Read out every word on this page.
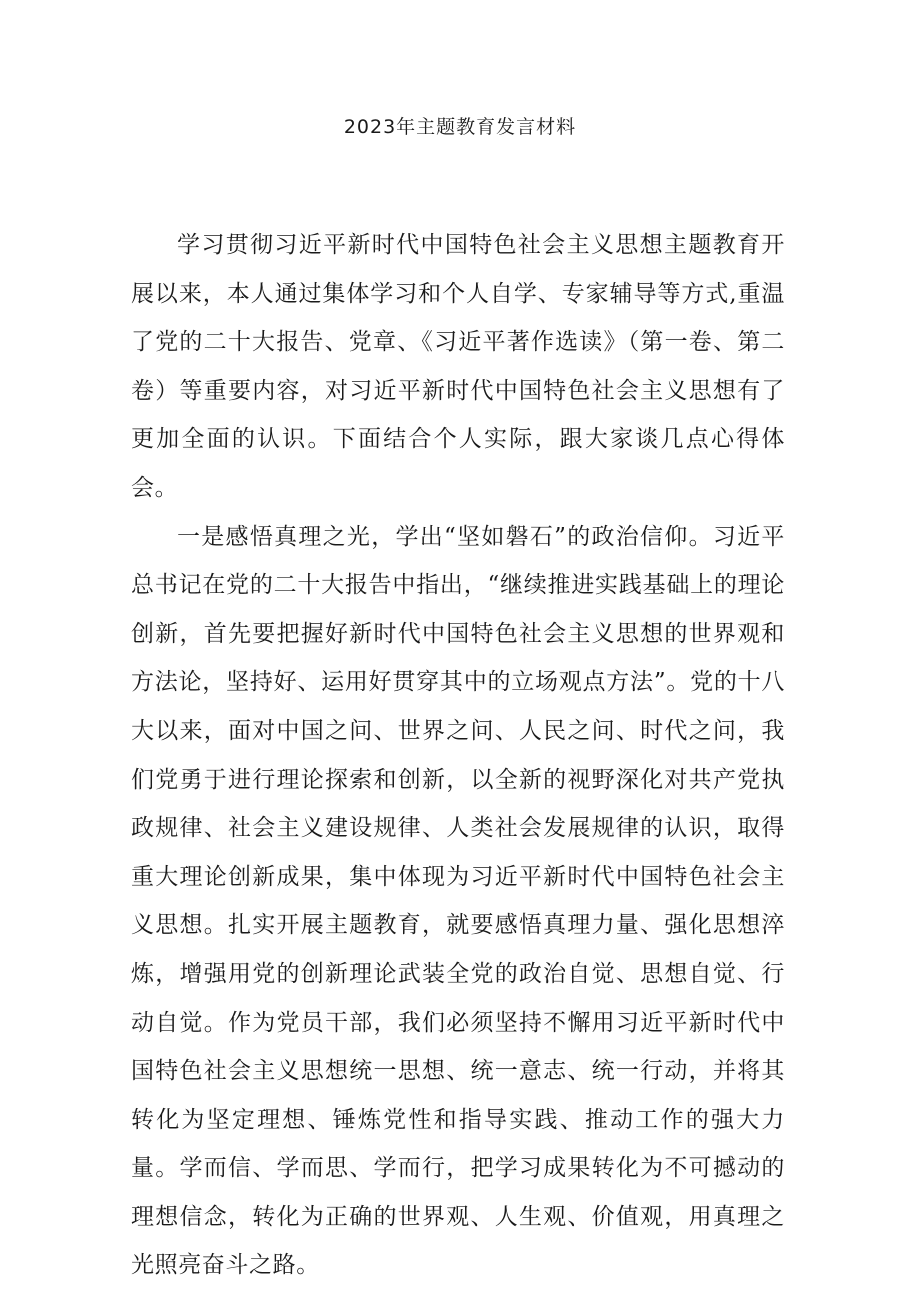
2023年主题教育发言材料

学习贯彻习近平新时代中国特色社会主义思想主题教育开展以来，本人通过集体学习和个人自学、专家辅导等方式,重温了党的二十大报告、党章、《习近平著作选读》（第一卷、第二卷）等重要内容，对习近平新时代中国特色社会主义思想有了更加全面的认识。下面结合个人实际，跟大家谈几点心得体会。

一是感悟真理之光，学出“坚如磐石”的政治信仰。习近平总书记在党的二十大报告中指出，“继续推进实践基础上的理论创新，首先要把握好新时代中国特色社会主义思想的世界观和方法论，坚持好、运用好贯穿其中的立场观点方法”。党的十八大以来，面对中国之问、世界之问、人民之问、时代之问，我们党勇于进行理论探索和创新，以全新的视野深化对共产党执政规律、社会主义建设规律、人类社会发展规律的认识，取得重大理论创新成果，集中体现为习近平新时代中国特色社会主义思想。扎实开展主题教育，就要感悟真理力量、强化思想淬炼，增强用党的创新理论武装全党的政治自觉、思想自觉、行动自觉。作为党员干部，我们必须坚持不懈用习近平新时代中国特色社会主义思想统一思想、统一意志、统一行动，并将其转化为坚定理想、锤炼党性和指导实践、推动工作的强大力量。学而信、学而思、学而行，把学习成果转化为不可撼动的理想信念，转化为正确的世界观、人生观、价值观，用真理之光照亮奋斗之路。
